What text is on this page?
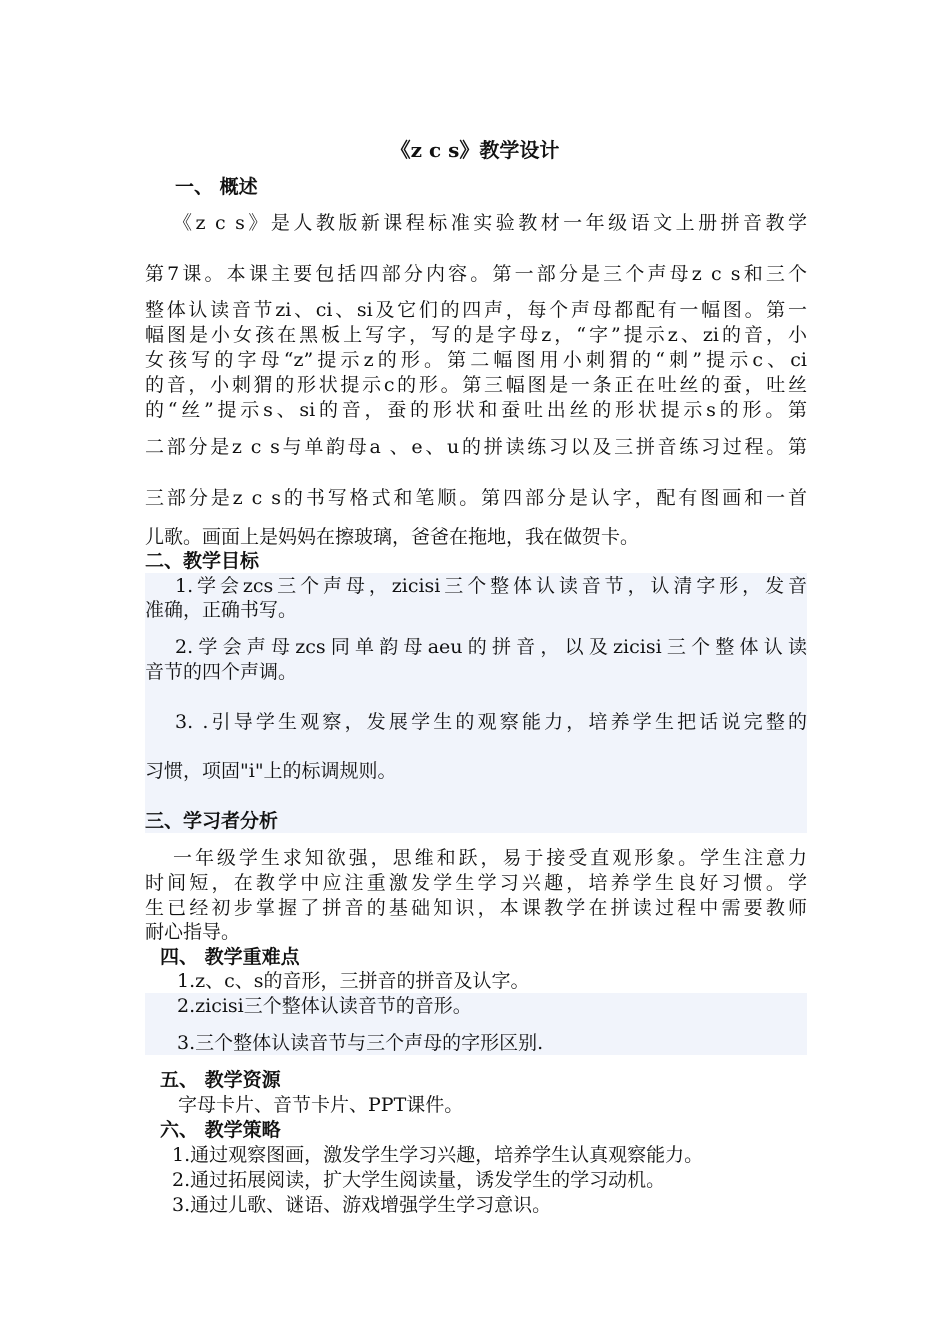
《z c s》教学设计
一、 概述
《z c s》是人教版新课程标准实验教材一年级语文上册拼音教学
第7课。本课主要包括四部分内容。第一部分是三个声母z c s和三个
整体认读音节zi、ci、si及它们的四声，每个声母都配有一幅图。第一
幅图是小女孩在黑板上写字，写的是字母z，“字”提示z、zi的音，小
女孩写的字母“z”提示z的形。第二幅图用小刺猬的“刺”提示c、ci
的音，小刺猬的形状提示c的形。第三幅图是一条正在吐丝的蚕，吐丝
的“丝”提示s、si的音，蚕的形状和蚕吐出丝的形状提示s的形。第
二部分是z c s与单韵母a 、e、u的拼读练习以及三拼音练习过程。第
三部分是z c s的书写格式和笔顺。第四部分是认字，配有图画和一首
儿歌。画面上是妈妈在擦玻璃，爸爸在拖地，我在做贺卡。
二、教学目标
1.学会zcs三个声母，zicisi三个整体认读音节，认清字形，发音
准确，正确书写。
2.学会声母zcs同单韵母aeu的拼音，以及zicisi三个整体认读
音节的四个声调。
3. .引导学生观察，发展学生的观察能力，培养学生把话说完整的
习惯，项固"i"上的标调规则。
三、学习者分析
一年级学生求知欲强，思维和跃，易于接受直观形象。学生注意力
时间短，在教学中应注重激发学生学习兴趣，培养学生良好习惯。学
生已经初步掌握了拼音的基础知识，本课教学在拼读过程中需要教师
耐心指导。
四、 教学重难点
1.z、c、s的音形，三拼音的拼音及认字。
2.zicisi三个整体认读音节的音形。
3.三个整体认读音节与三个声母的字形区别.
五、 教学资源
字母卡片、音节卡片、PPT课件。
六、 教学策略
1.通过观察图画，激发学生学习兴趣，培养学生认真观察能力。
2.通过拓展阅读，扩大学生阅读量，诱发学生的学习动机。
3.通过儿歌、谜语、游戏增强学生学习意识。
